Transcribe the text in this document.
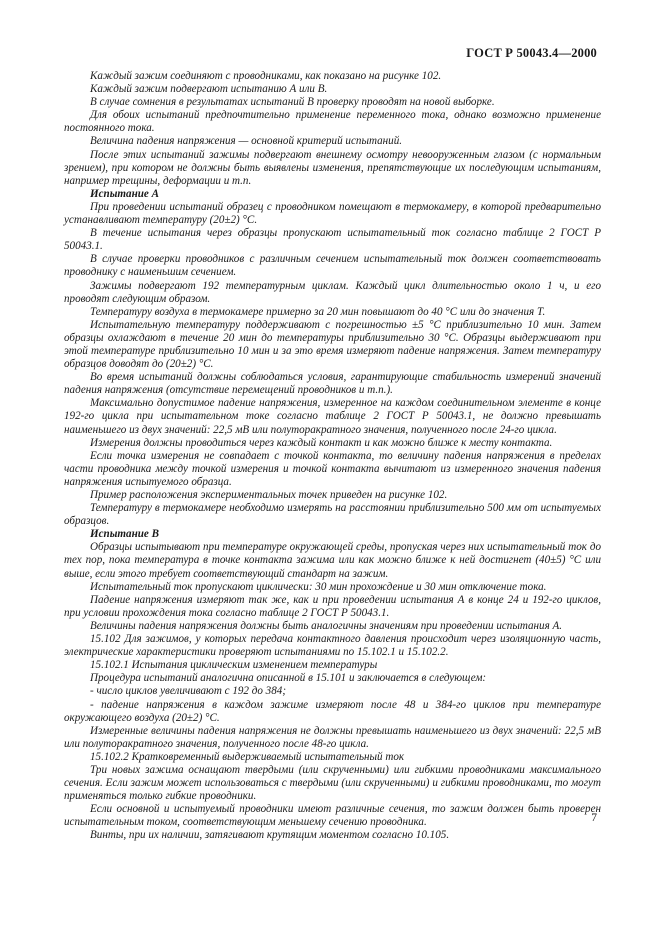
ГОСТ Р 50043.4—2000

Каждый зажим соединяют с проводниками, как показано на рисунке 102.

Каждый зажим подвергают испытанию А или В.

В случае сомнения в результатах испытаний В проверку проводят на новой выборке.

Для обоих испытаний предпочтительно применение переменного тока, однако возможно применение постоянного тока.

Величина падения напряжения — основной критерий испытаний.

После этих испытаний зажимы подвергают внешнему осмотру невооруженным глазом (с нормальным зрением), при котором не должны быть выявлены изменения, препятствующие их последующим испытаниям, например трещины, деформации и т.п.

Испытание А

При проведении испытаний образец с проводником помещают в термокамеру, в которой предварительно устанавливают температуру (20±2) °С.

В течение испытания через образцы пропускают испытательный ток согласно таблице 2 ГОСТ Р 50043.1.

В случае проверки проводников с различным сечением испытательный ток должен соответствовать проводнику с наименьшим сечением.

Зажимы подвергают 192 температурным циклам. Каждый цикл длительностью около 1 ч, и его проводят следующим образом.

Температуру воздуха в термокамере примерно за 20 мин повышают до 40 °С или до значения Т.

Испытательную температуру поддерживают с погрешностью ±5 °С приблизительно 10 мин. Затем образцы охлаждают в течение 20 мин до температуры приблизительно 30 °С. Образцы выдерживают при этой температуре приблизительно 10 мин и за это время измеряют падение напряжения. Затем температуру образцов доводят до (20±2) °С.

Во время испытаний должны соблюдаться условия, гарантирующие стабильность измерений значений падения напряжения (отсутствие перемещений проводников и т.п.).

Максимально допустимое падение напряжения, измеренное на каждом соединительном элементе в конце 192-го цикла при испытательном токе согласно таблице 2 ГОСТ Р 50043.1, не должно превышать наименьшего из двух значений: 22,5 мВ или полуторакратного значения, полученного после 24-го цикла.

Измерения должны проводиться через каждый контакт и как можно ближе к месту контакта.

Если точка измерения не совпадает с точкой контакта, то величину падения напряжения в пределах части проводника между точкой измерения и точкой контакта вычитают из измеренного значения падения напряжения испытуемого образца.

Пример расположения экспериментальных точек приведен на рисунке 102.

Температуру в термокамере необходимо измерять на расстоянии приблизительно 500 мм от испытуемых образцов.

Испытание В

Образцы испытывают при температуре окружающей среды, пропуская через них испытательный ток до тех пор, пока температура в точке контакта зажима или как можно ближе к ней достигнет (40±5) °С или выше, если этого требует соответствующий стандарт на зажим.

Испытательный ток пропускают циклически: 30 мин прохождение и 30 мин отключение тока.

Падение напряжения измеряют так же, как и при проведении испытания А в конце 24 и 192-го циклов, при условии прохождения тока согласно таблице 2 ГОСТ Р 50043.1.

Величины падения напряжения должны быть аналогичны значениям при проведении испытания А.

15.102 Для зажимов, у которых передача контактного давления происходит через изоляционную часть, электрические характеристики проверяют испытаниями по 15.102.1 и 15.102.2.

15.102.1 Испытания циклическим изменением температуры

Процедура испытаний аналогична описанной в 15.101 и заключается в следующем:

- число циклов увеличивают с 192 до 384;

- падение напряжения в каждом зажиме измеряют после 48 и 384-го циклов при температуре окружающего воздуха (20±2) °С.

Измеренные величины падения напряжения не должны превышать наименьшего из двух значений: 22,5 мВ или полуторакратного значения, полученного после 48-го цикла.

15.102.2 Кратковременный выдерживаемый испытательный ток

Три новых зажима оснащают твердыми (или скрученными) или гибкими проводниками максимального сечения. Если зажим может использоваться с твердыми (или скрученными) и гибкими проводниками, то могут применяться только гибкие проводники.

Если основной и испытуемый проводники имеют различные сечения, то зажим должен быть проверен испытательным током, соответствующим меньшему сечению проводника.

Винты, при их наличии, затягивают крутящим моментом согласно 10.105.

7
